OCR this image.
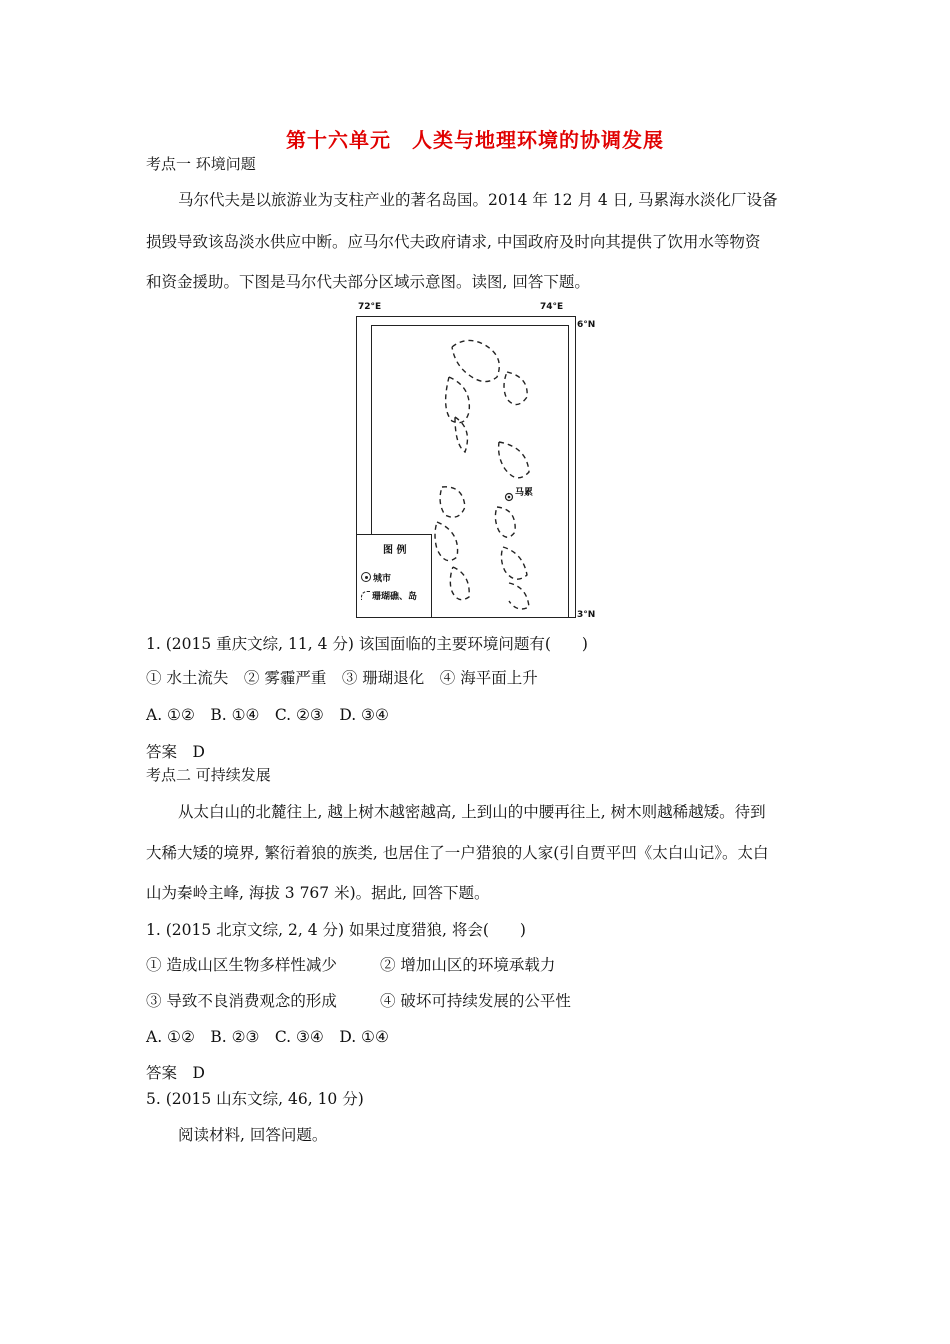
第十六单元　人类与地理环境的协调发展
考点一 环境问题
马尔代夫是以旅游业为支柱产业的著名岛国。2014 年 12 月 4 日, 马累海水淡化厂设备
损毁导致该岛淡水供应中断。应马尔代夫政府请求, 中国政府及时向其提供了饮用水等物资
和资金援助。下图是马尔代夫部分区域示意图。读图, 回答下题。
72°E	74°E
6°N
3°N
马累
图 例
城市
珊瑚礁、岛
1. (2015 重庆文综, 11, 4 分) 该国面临的主要环境问题有(　　)
① 水土流失　② 雾霾严重　③ 珊瑚退化　④ 海平面上升
A. ①②　B. ①④　C. ②③　D. ③④
答案　D
考点二 可持续发展
从太白山的北麓往上, 越上树木越密越高, 上到山的中腰再往上, 树木则越稀越矮。待到
大稀大矮的境界, 繁衍着狼的族类, 也居住了一户猎狼的人家(引自贾平凹《太白山记》。太白
山为秦岭主峰, 海拔 3 767 米)。据此, 回答下题。
1. (2015 北京文综, 2, 4 分) 如果过度猎狼, 将会(　　)
① 造成山区生物多样性减少	② 增加山区的环境承载力
③ 导致不良消费观念的形成	④ 破坏可持续发展的公平性
A. ①②　B. ②③　C. ③④　D. ①④
答案　D
5. (2015 山东文综, 46, 10 分)
阅读材料, 回答问题。
